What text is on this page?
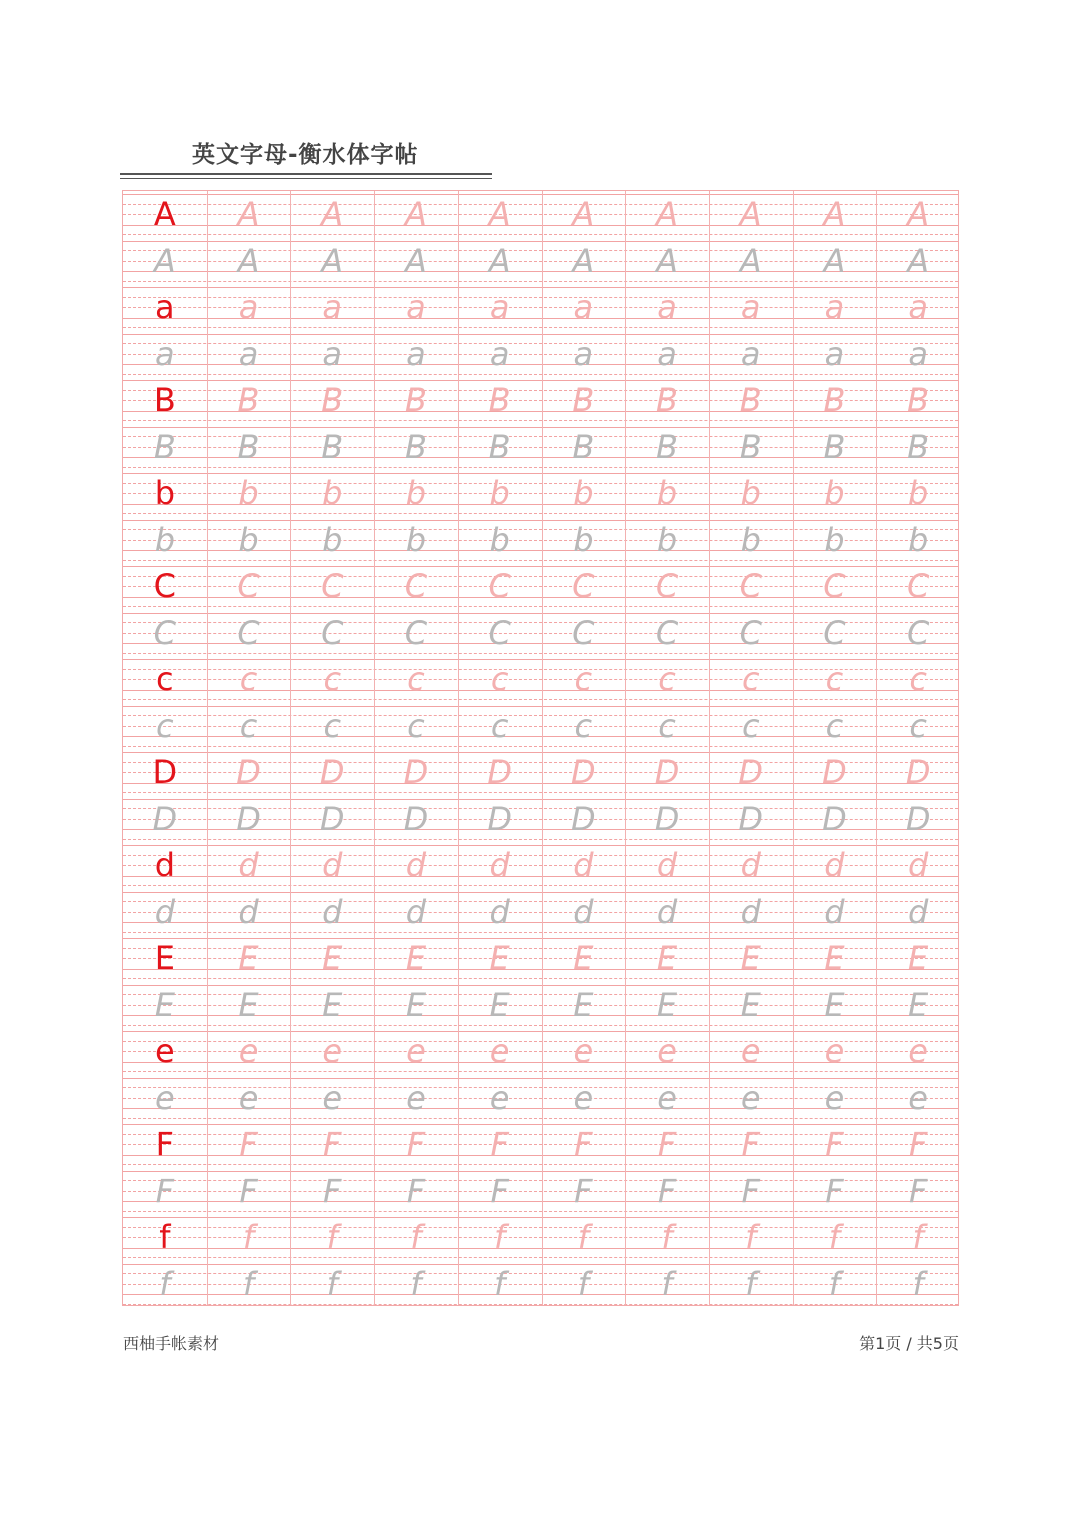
英文字母-衡水体字帖
A	A	A	A	A	A	A	A	A	A
A	A	A	A	A	A	A	A	A	A
a	a	a	a	a	a	a	a	a	a
a	a	a	a	a	a	a	a	a	a
B	B	B	B	B	B	B	B	B	B
B	B	B	B	B	B	B	B	B	B
b	b	b	b	b	b	b	b	b	b
b	b	b	b	b	b	b	b	b	b
C	C	C	C	C	C	C	C	C	C
C	C	C	C	C	C	C	C	C	C
c	c	c	c	c	c	c	c	c	c
c	c	c	c	c	c	c	c	c	c
D	D	D	D	D	D	D	D	D	D
D	D	D	D	D	D	D	D	D	D
d	d	d	d	d	d	d	d	d	d
d	d	d	d	d	d	d	d	d	d
E	E	E	E	E	E	E	E	E	E
E	E	E	E	E	E	E	E	E	E
e	e	e	e	e	e	e	e	e	e
e	e	e	e	e	e	e	e	e	e
F	F	F	F	F	F	F	F	F	F
F	F	F	F	F	F	F	F	F	F
f	f	f	f	f	f	f	f	f	f
f	f	f	f	f	f	f	f	f	f
西柚手帐素材	第1页 / 共5页
